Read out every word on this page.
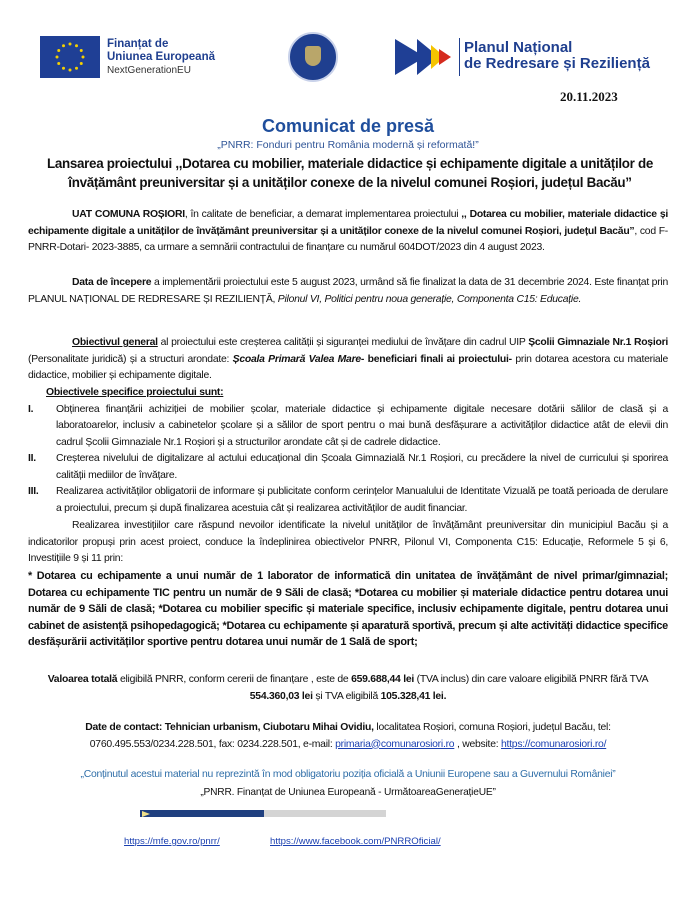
Finanțat de
Uniunea Europeană
NextGenerationEU
Planul Național
de Redresare și Reziliență
20.11.2023
Comunicat de presă
„PNRR: Fonduri pentru România modernă și reformată!”
Lansarea proiectului ,,Dotarea cu mobilier, materiale didactice și echipamente digitale a unităților de învățământ preuniversitar și a unităților conexe de la nivelul comunei Roșiori, județul Bacău”
UAT COMUNA ROȘIORI, în calitate de beneficiar, a demarat implementarea proiectului ,, Dotarea cu mobilier, materiale didactice și echipamente digitale a unităților de învățământ preuniversitar și a unităților conexe de la nivelul comunei Roșiori, județul Bacău”, cod F-PNRR-Dotari- 2023-3885, ca urmare a semnării contractului de finanțare cu numărul 604DOT/2023 din 4 august 2023.
Data de începere a implementării proiectului este 5 august 2023, urmând să fie finalizat la data de 31 decembrie 2024. Este finanțat prin PLANUL NAȚIONAL DE REDRESARE ȘI REZILIENȚĂ, Pilonul VI, Politici pentru noua generație, Componenta C15: Educație.
Obiectivul general al proiectului este creșterea calității și siguranței mediului de învățare din cadrul UIP Școlii Gimnaziale Nr.1 Roșiori (Personalitate juridică) și a structuri arondate: Școala Primară Valea Mare- beneficiari finali ai proiectului- prin dotarea acestora cu materiale didactice, mobilier și echipamente digitale.
Obiectivele specifice proiectului sunt:
I. Obținerea finanțării achiziției de mobilier școlar, materiale didactice și echipamente digitale necesare dotării sălilor de clasă și a laboratoarelor, inclusiv a cabinetelor școlare și a sălilor de sport pentru o mai bună desfășurare a activităților didactice atât de elevii din cadrul Școlii Gimnaziale Nr.1 Roșiori și a structurilor arondate cât și de cadrele didactice.
II. Creșterea nivelului de digitalizare al actului educațional din Școala Gimnazială Nr.1 Roșiori, cu precădere la nivel de curricului și sporirea calității mediilor de învățare.
III. Realizarea activităților obligatorii de informare și publicitate conform cerințelor Manualului de Identitate Vizuală pe toată perioada de derulare a proiectului, precum și după finalizarea acestuia cât și realizarea activităților de audit financiar.
Realizarea investițiilor care răspund nevoilor identificate la nivelul unităților de învățământ preuniversitar din municipiul Bacău și a indicatorilor propuși prin acest proiect, conduce la îndeplinirea obiectivelor PNRR, Pilonul VI, Componenta C15: Educație, Reformele 5 și 6, Investițiile 9 și 11 prin:
* Dotarea cu echipamente a unui număr de 1 laborator de informatică din unitatea de învățământ de nivel primar/gimnazial; Dotarea cu echipamente TIC pentru un număr de 9 Săli de clasă; *Dotarea cu mobilier și materiale didactice pentru dotarea unui număr de 9 Săli de clasă; *Dotarea cu mobilier specific și materiale specifice, inclusiv echipamente digitale, pentru dotarea unui cabinet de asistență psihopedagogică; *Dotarea cu echipamente și aparatură sportivă, precum și alte activități didactice specifice desfășurării activităților sportive pentru dotarea unui număr de 1 Sală de sport;
Valoarea totală eligibilă PNRR, conform cererii de finanțare , este de 659.688,44 lei (TVA inclus) din care valoare eligibilă PNRR fără TVA 554.360,03 lei și TVA eligibilă 105.328,41 lei.
Date de contact: Tehnician urbanism, Ciubotaru Mihai Ovidiu, localitatea Roșiori, comuna Roșiori, județul Bacău, tel: 0760.495.553/0234.228.501, fax: 0234.228.501, e-mail: primaria@comunarosiori.ro , website: https://comunarosiori.ro/
„Conținutul acestui material nu reprezintă în mod obligatoriu poziția oficială a Uniunii Europene sau a Guvernului României”
„PNRR. Finanțat de Uniunea Europeană - UrmătoareaGenerațieUE”
https://mfe.gov.ro/pnrr/	https://www.facebook.com/PNRROficial/
